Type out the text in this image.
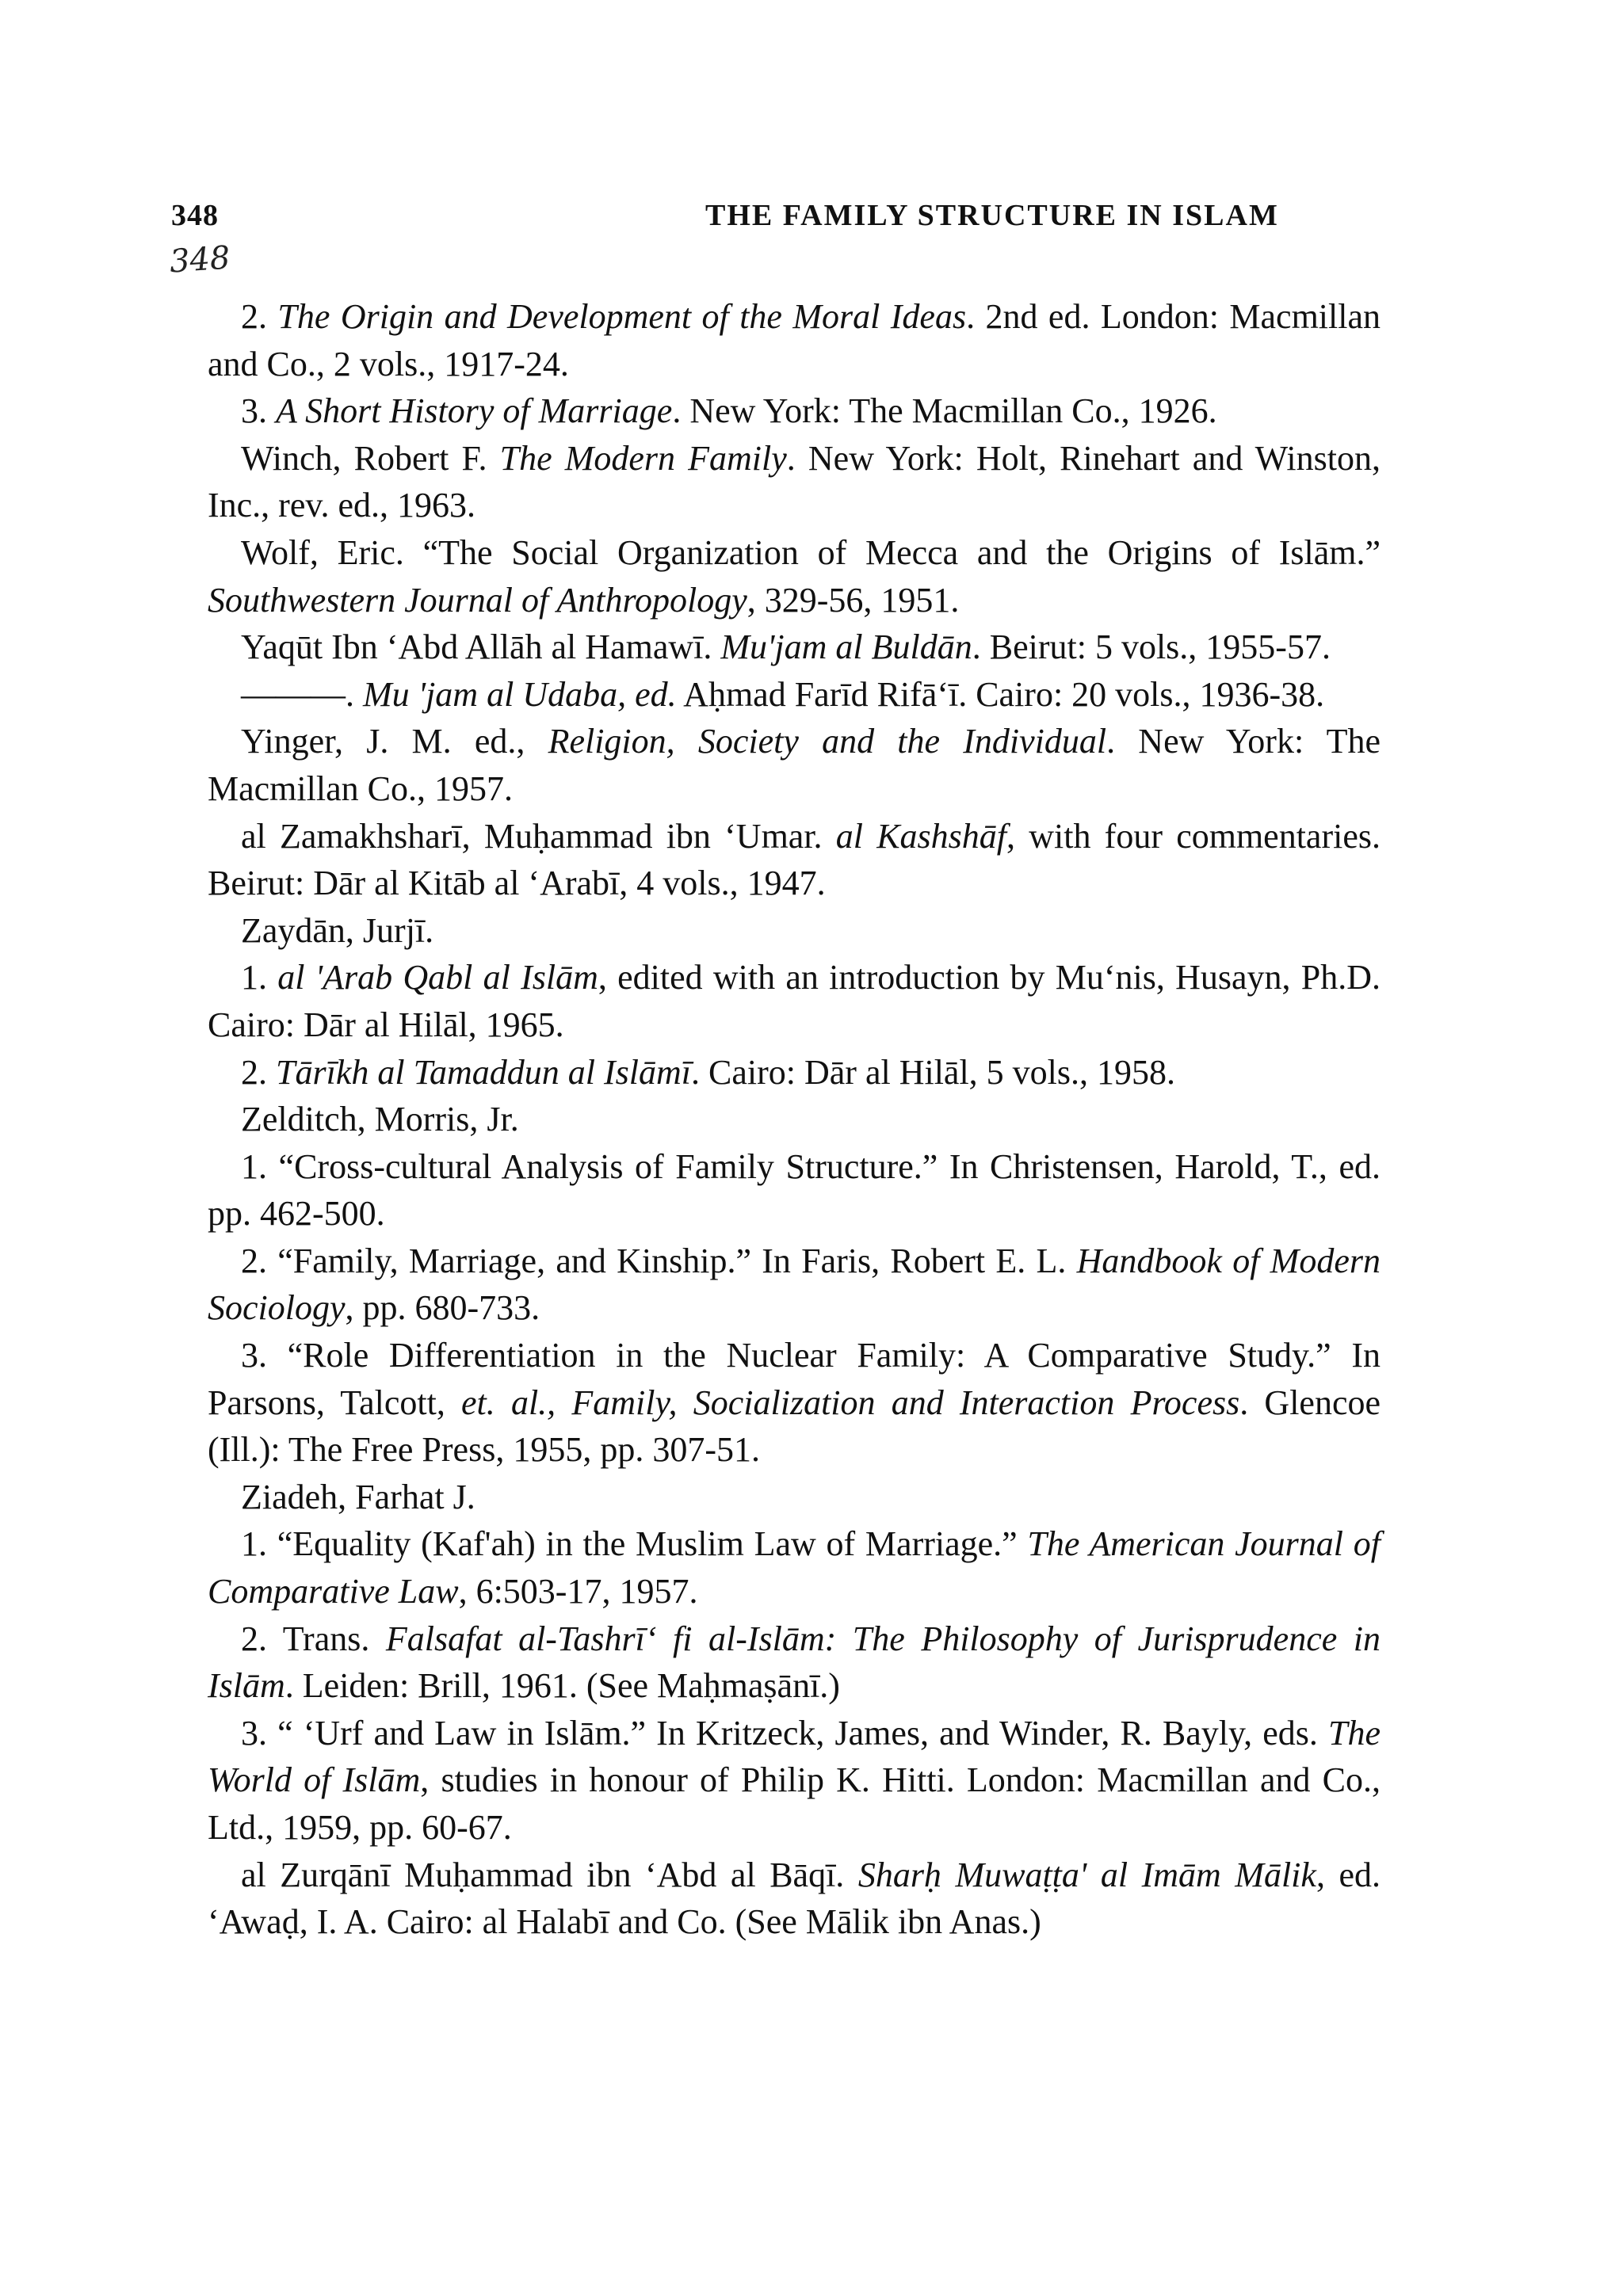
348
348
THE FAMILY STRUCTURE IN ISLAM

2. The Origin and Development of the Moral Ideas. 2nd ed. London: Macmillan and Co., 2 vols., 1917-24.

3. A Short History of Marriage. New York: The Macmillan Co., 1926.

Winch, Robert F. The Modern Family. New York: Holt, Rinehart and Winston, Inc., rev. ed., 1963.

Wolf, Eric. “The Social Organization of Mecca and the Origins of Islām.” Southwestern Journal of Anthropology, 329-56, 1951.

Yaqūt Ibn ‘Abd Allāh al Hamawī. Mu'jam al Buldān. Beirut: 5 vols., 1955-57.

———. Mu 'jam al Udaba, ed. Aḥmad Farīd Rifā‘ī. Cairo: 20 vols., 1936-38.

Yinger, J. M. ed., Religion, Society and the Individual. New York: The Macmillan Co., 1957.

al Zamakhsharī, Muḥammad ibn ‘Umar. al Kashshāf, with four commentaries. Beirut: Dār al Kitāb al ‘Arabī, 4 vols., 1947.

Zaydān, Jurjī.

1. al 'Arab Qabl al Islām, edited with an introduction by Mu‘nis, Husayn, Ph.D. Cairo: Dār al Hilāl, 1965.

2. Tārīkh al Tamaddun al Islāmī. Cairo: Dār al Hilāl, 5 vols., 1958.

Zelditch, Morris, Jr.

1. “Cross-cultural Analysis of Family Structure.” In Christensen, Harold, T., ed. pp. 462-500.

2. “Family, Marriage, and Kinship.” In Faris, Robert E. L. Handbook of Modern Sociology, pp. 680-733.

3. “Role Differentiation in the Nuclear Family: A Comparative Study.” In Parsons, Talcott, et. al., Family, Socialization and Interaction Process. Glencoe (Ill.): The Free Press, 1955, pp. 307-51.

Ziadeh, Farhat J.

1. “Equality (Kaf'ah) in the Muslim Law of Marriage.” The American Journal of Comparative Law, 6:503-17, 1957.

2. Trans. Falsafat al-Tashrī‘ fi al-Islām: The Philosophy of Jurisprudence in Islām. Leiden: Brill, 1961. (See Maḥmaṣānī.)

3. “ ‘Urf and Law in Islām.” In Kritzeck, James, and Winder, R. Bayly, eds. The World of Islām, studies in honour of Philip K. Hitti. London: Macmillan and Co., Ltd., 1959, pp. 60-67.

al Zurqānī Muḥammad ibn ‘Abd al Bāqī. Sharḥ Muwaṭṭa' al Imām Mālik, ed. ‘Awaḍ, I. A. Cairo: al Halabī and Co. (See Mālik ibn Anas.)
